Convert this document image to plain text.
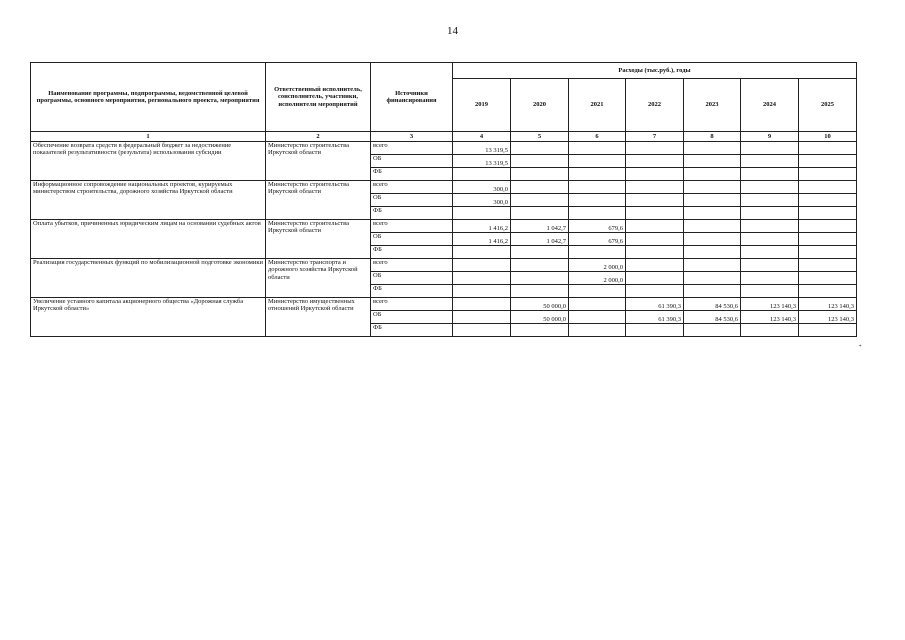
14
Наименование программы, подпрограммы, ведомственной целевой программы, основного мероприятия, регионального проекта, мероприятия	Ответственный исполнитель, соисполнитель, участники, исполнители мероприятий	Источники финансирования	Расходы (тыс.руб.), годы						
			2019	2020	2021	2022	2023	2024	2025
1	2	3	4	5	6	7	8	9	10
Обеспечение возврата средств в федеральный бюджет за недостижение показателей результативности (результата) использования субсидии	Министерство строительства Иркутской области	всего	13 319,5						
		ОБ	13 319,5						
		ФБ							
Информационное сопровождение национальных проектов, курируемых министерством строительства, дорожного хозяйства Иркутской области	Министерство строительства Иркутской области	всего	300,0						
		ОБ	300,0						
		ФБ							
Оплата убытков, причиненных юридическим лицам на основании судебных актов	Министерство строительства Иркутской области	всего	1 416,2	1 042,7	679,6				
		ОБ	1 416,2	1 042,7	679,6				
		ФБ							
Реализация государственных функций по мобилизационной подготовке экономики	Министерство транспорта и дорожного хозяйства Иркутской области	всего			2 000,0				
		ОБ			2 000,0				
		ФБ							
Увеличение уставного капитала акционерного общества «Дорожная служба Иркутской области»	Министерство имущественных отношений Иркутской области	всего		50 000,0		61 390,3	84 530,6	123 140,3	123 140,3
		ОБ		50 000,0		61 390,3	84 530,6	123 140,3	123 140,3
		ФБ							
*
